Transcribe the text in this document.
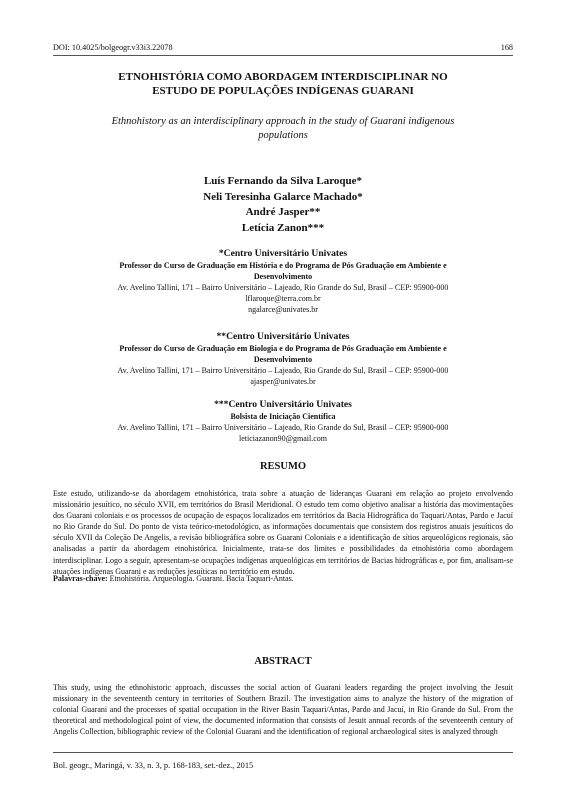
DOI: 10.4025/bolgeogr.v33i3.22078	168
ETNOHISTÓRIA COMO ABORDAGEM INTERDISCIPLINAR NO
ESTUDO DE POPULAÇÕES INDÍGENAS GUARANI
Ethnohistory as an interdisciplinary approach in the study of Guarani indigenous
populations
Luís Fernando da Silva Laroque*
Neli Teresinha Galarce Machado*
André Jasper**
Letícia Zanon***
*Centro Universitário Univates
Professor do Curso de Graduação em História e do Programa de Pós Graduação em Ambiente e
Desenvolvimento
Av. Avelino Tallini, 171 – Bairro Universitário – Lajeado, Rio Grande do Sul, Brasil – CEP: 95900-000
lflaroque@terra.com.br
ngalarce@univates.br
**Centro Universitário Univates
Professor do Curso de Graduação em Biologia e do Programa de Pós Graduação em Ambiente e
Desenvolvimento
Av. Avelino Tallini, 171 – Bairro Universitário – Lajeado, Rio Grande do Sul, Brasil – CEP: 95900-000
ajasper@univates.br
***Centro Universitário Univates
Bolsista de Iniciação Científica
Av. Avelino Tallini, 171 – Bairro Universitário – Lajeado, Rio Grande do Sul, Brasil – CEP: 95900-000
leticiazanon90@gmail.com
RESUMO
Este estudo, utilizando-se da abordagem etnohistórica, trata sobre a atuação de lideranças Guarani em relação ao projeto envolvendo missionário jesuítico, no século XVII, em territórios do Brasil Meridional. O estudo tem como objetivo analisar a história das movimentações dos Guarani coloniais e os processos de ocupação de espaços localizados em territórios da Bacia Hidrográfica do Taquari/Antas, Pardo e Jacuí no Rio Grande do Sul. Do ponto de vista teórico-metodológico, as informações documentais que consistem dos registros anuais jesuíticos do século XVII da Coleção De Angelis, a revisão bibliográfica sobre os Guarani Coloniais e a identificação de sítios arqueológicos regionais, são analisadas a partir da abordagem etnohistórica. Inicialmente, trata-se dos limites e possibilidades da etnohistória como abordagem interdisciplinar. Logo a seguir, apresentam-se ocupações indígenas arqueológicas em territórios de Bacias hidrográficas e, por fim, analisam-se atuações indígenas Guarani e as reduções jesuíticas no território em estudo.
Palavras-chave: Etnohistória. Arqueologia. Guarani. Bacia Taquari-Antas.
ABSTRACT
This study, using the ethnohistoric approach, discusses the social action of Guarani leaders regarding the project involving the Jesuit missionary in the seventeenth century in territories of Southern Brazil. The investigation aims to analyze the history of the migration of colonial Guarani and the processes of spatial occupation in the River Basin Taquari/Antas, Pardo and Jacuí, in Rio Grande do Sul. From the theoretical and methodological point of view, the documented information that consists of Jesuit annual records of the seventeenth century of Angelis Collection, bibliographic review of the Colonial Guarani and the identification of regional archaeological sites is analyzed through
Bol. geogr., Maringá, v. 33, n. 3, p. 168-183, set.-dez., 2015
